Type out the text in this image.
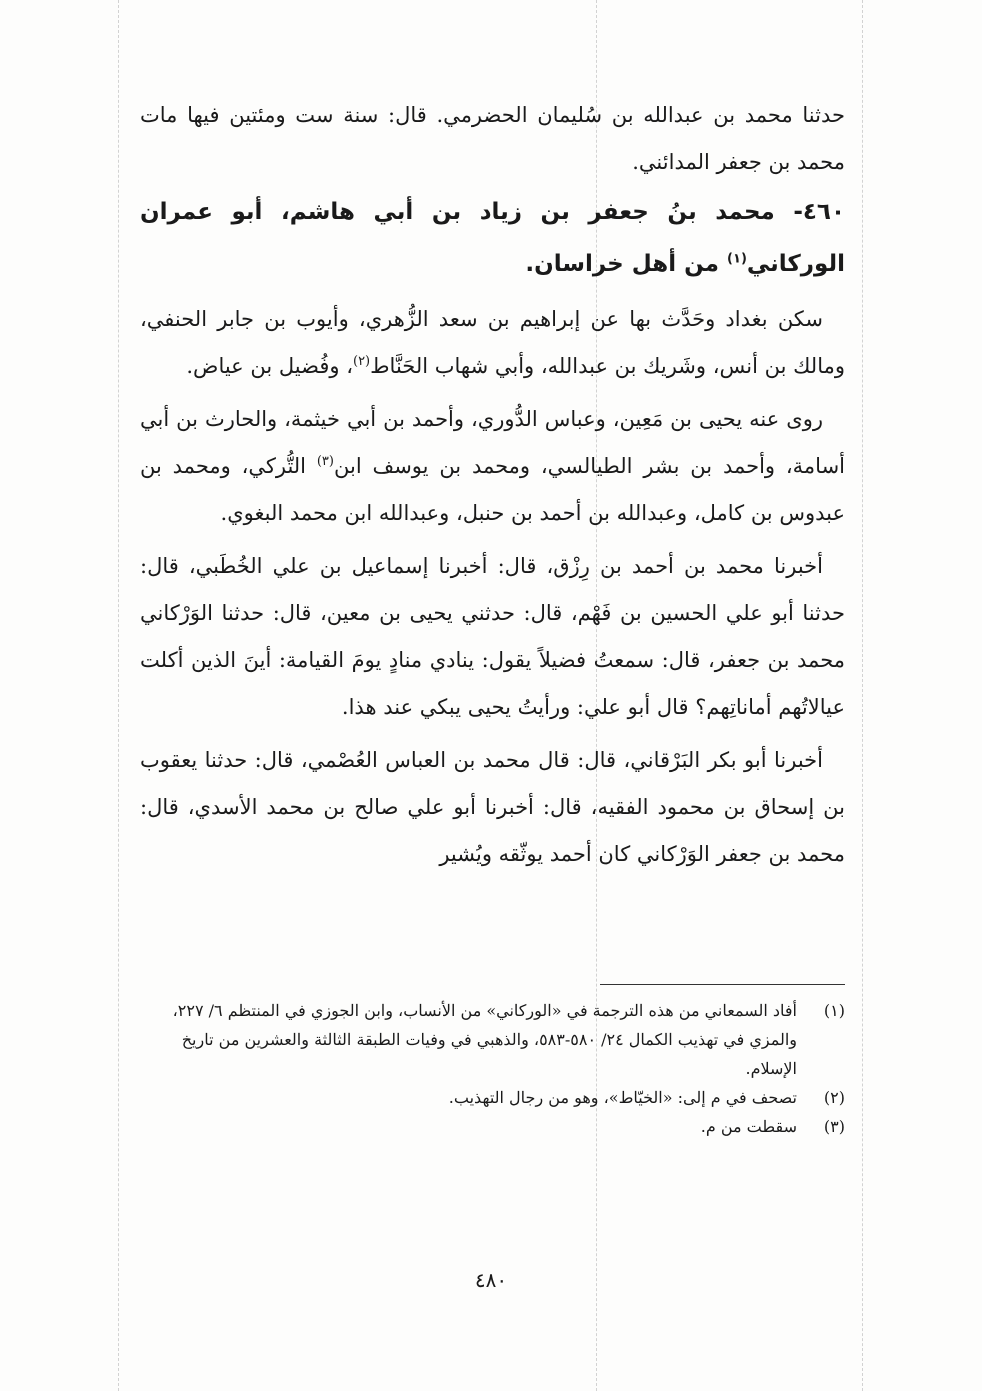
حدثنا محمد بن عبدالله بن سُليمان الحضرمي. قال: سنة ست ومئتين فيها مات محمد بن جعفر المدائني.

٤٦٠- محمد بنُ جعفر بن زياد بن أبي هاشم، أبو عمران الوركاني$^{(١)}$ من أهل خراسان.

سكن بغداد وحَدَّث بها عن إبراهيم بن سعد الزُّهري، وأيوب بن جابر الحنفي، ومالك بن أنس، وشَريك بن عبدالله، وأبي شهاب الحَنَّاط$^{(٢)}$، وفُضيل بن عياض.

روى عنه يحيى بن مَعِين، وعباس الدُّوري، وأحمد بن أبي خيثمة، والحارث بن أبي أسامة، وأحمد بن بشر الطيالسي، ومحمد بن يوسف ابن$^{(٣)}$ التُّركي، ومحمد بن عبدوس بن كامل، وعبدالله بن أحمد بن حنبل، وعبدالله ابن محمد البغوي.

أخبرنا محمد بن أحمد بن رِزْق، قال: أخبرنا إسماعيل بن علي الخُطَبي، قال: حدثنا أبو علي الحسين بن فَهْم، قال: حدثني يحيى بن معين، قال: حدثنا الوَرْكاني محمد بن جعفر، قال: سمعتُ فضيلاً يقول: ينادي منادٍ يومَ القيامة: أينَ الذين أكلت عيالاتُهم أماناتِهم؟ قال أبو علي: ورأيتُ يحيى يبكي عند هذا.

أخبرنا أبو بكر البَرْقاني، قال: قال محمد بن العباس العُصْمي، قال: حدثنا يعقوب بن إسحاق بن محمود الفقيه، قال: أخبرنا أبو علي صالح بن محمد الأسدي، قال: محمد بن جعفر الوَرْكاني كان أحمد يوثّقه ويُشير

(١)
أفاد السمعاني من هذه الترجمة في «الوركاني» من الأنساب، وابن الجوزي في المنتظم ٦/ ٢٢٧، والمزي في تهذيب الكمال ٢٤/ ٥٨٠-٥٨٣، والذهبي في وفيات الطبقة الثالثة والعشرين من تاريخ الإسلام.
(٢)
تصحف في م إلى: «الخيّاط»، وهو من رجال التهذيب.
(٣)
سقطت من م.
٤٨٠
